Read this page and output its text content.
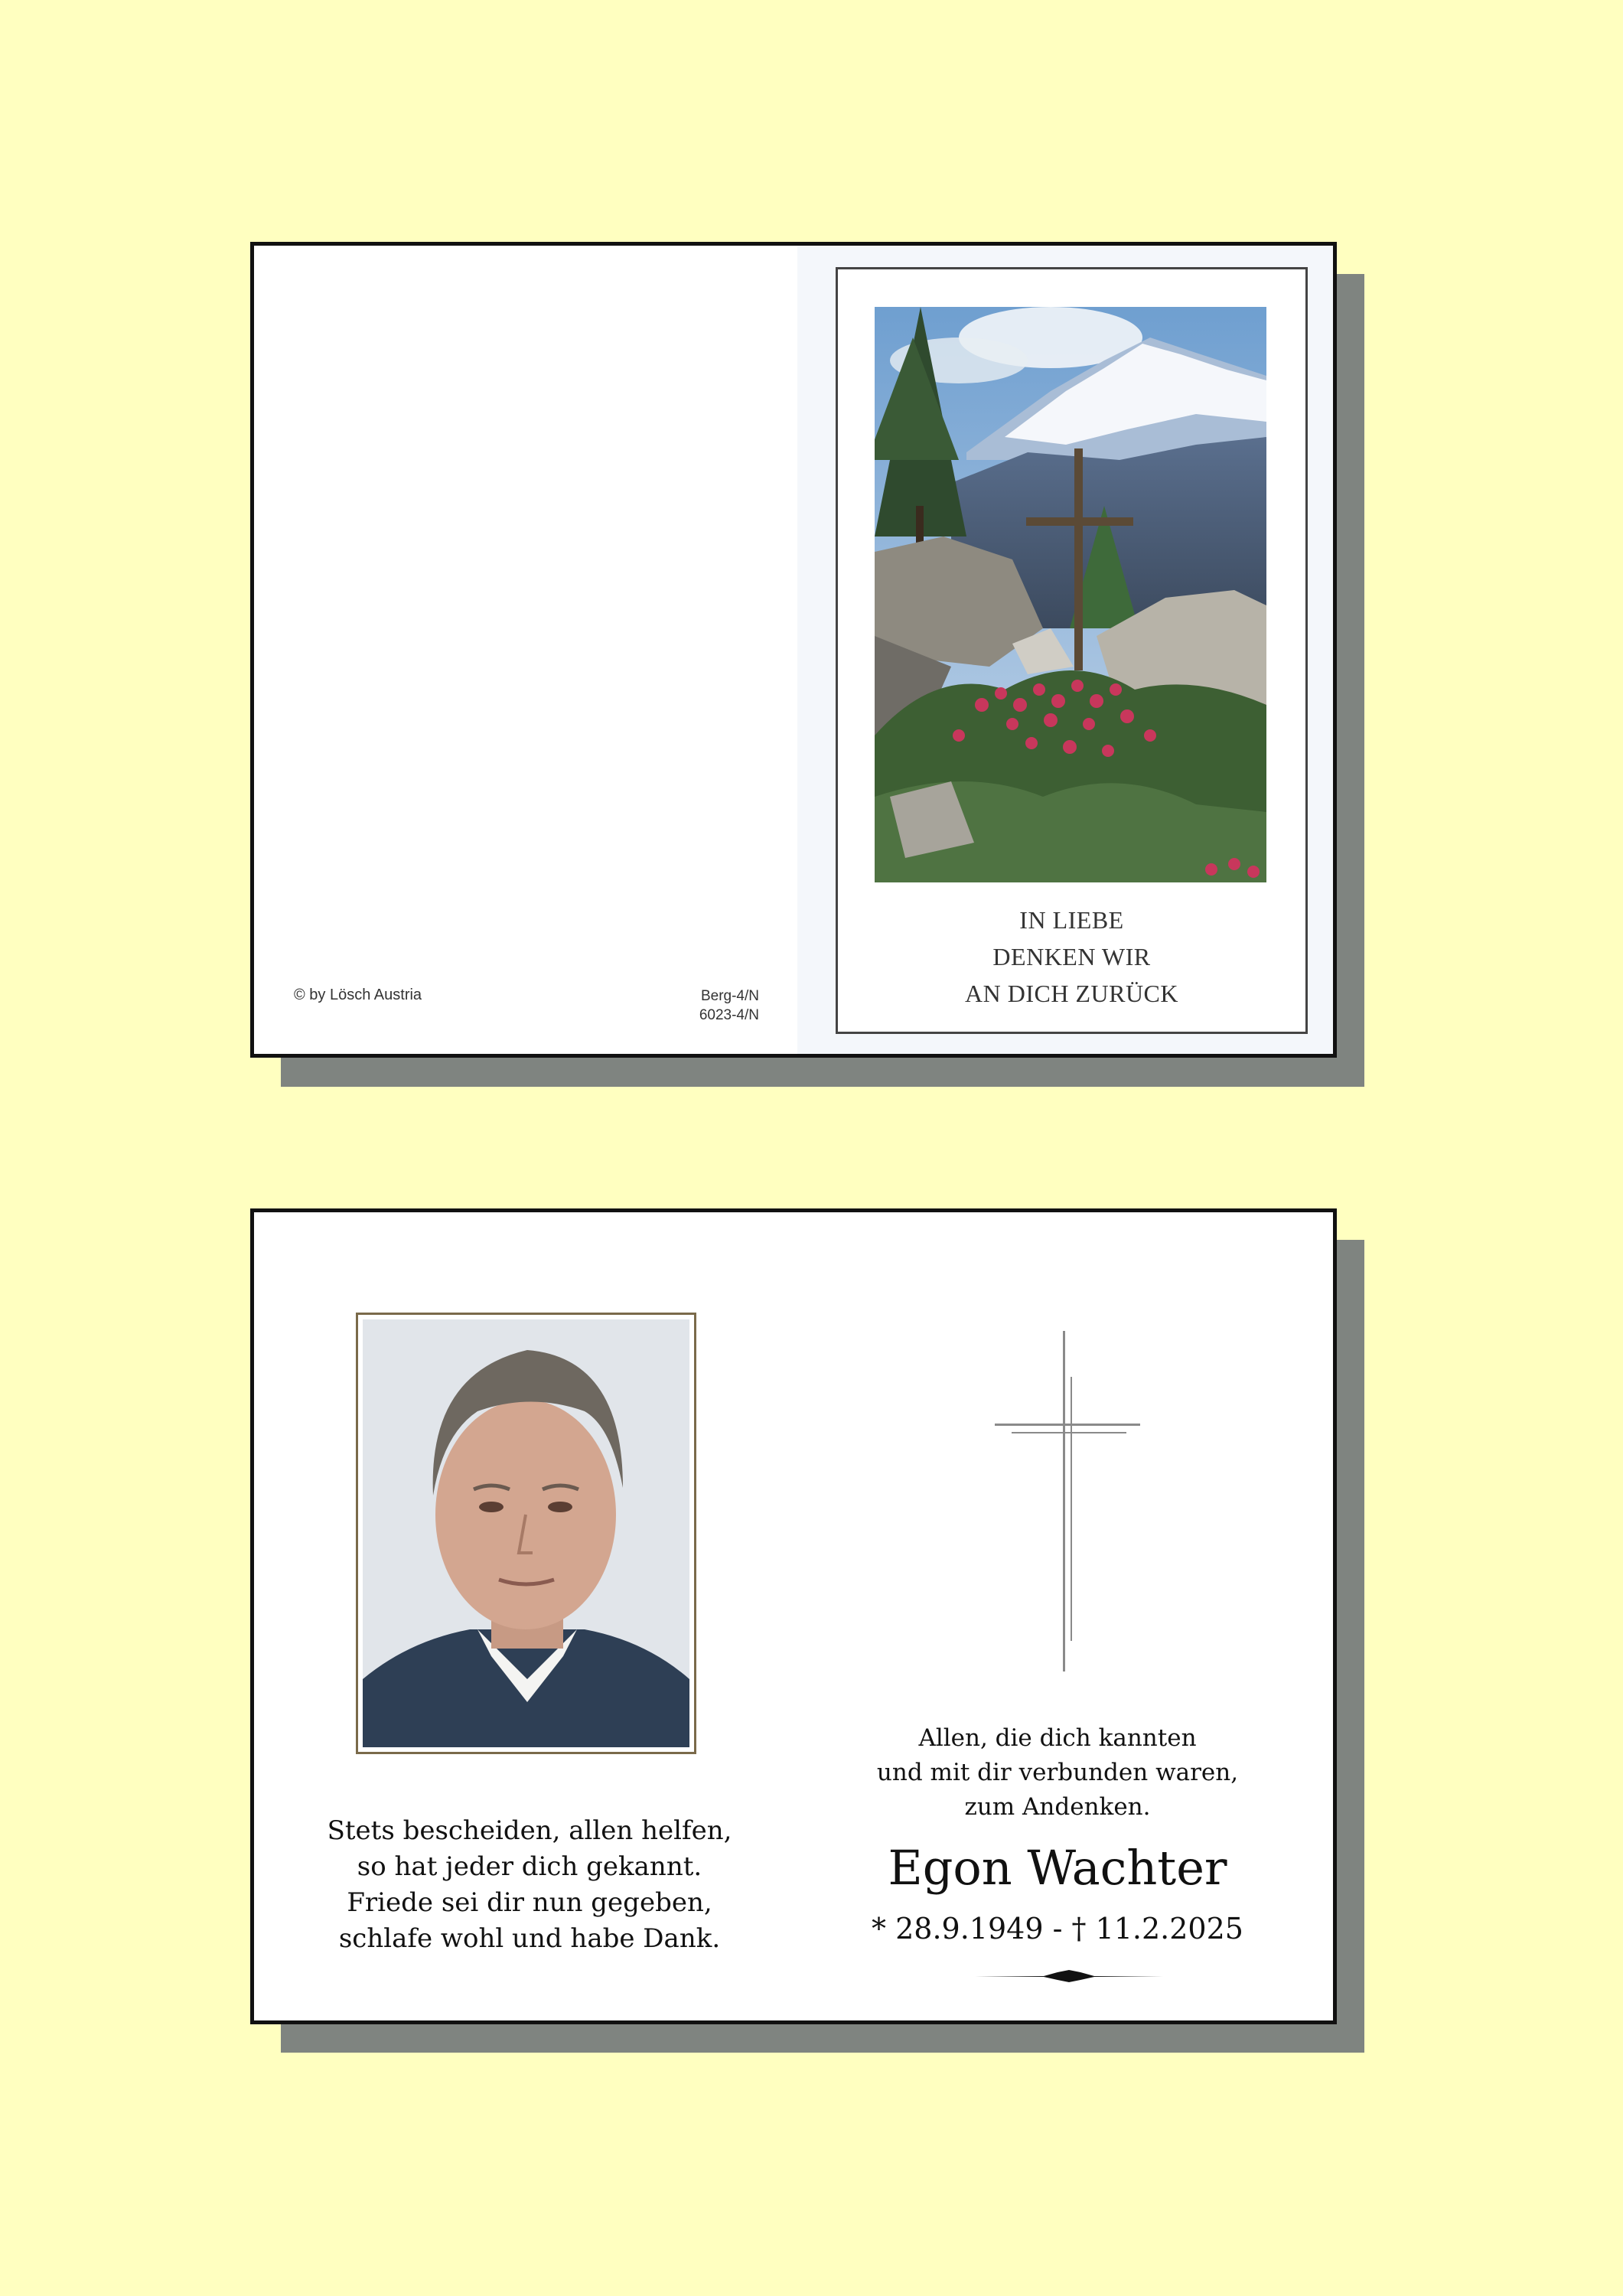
IN LIEBE
DENKEN WIR
AN DICH ZURÜCK
© by Lösch Austria	Berg-4/N
6023-4/N
Stets bescheiden, allen helfen,
so hat jeder dich gekannt.
Friede sei dir nun gegeben,
schlafe wohl und habe Dank.
Allen, die dich kannten
und mit dir verbunden waren,
zum Andenken.
Egon Wachter
* 28.9.1949 - † 11.2.2025
